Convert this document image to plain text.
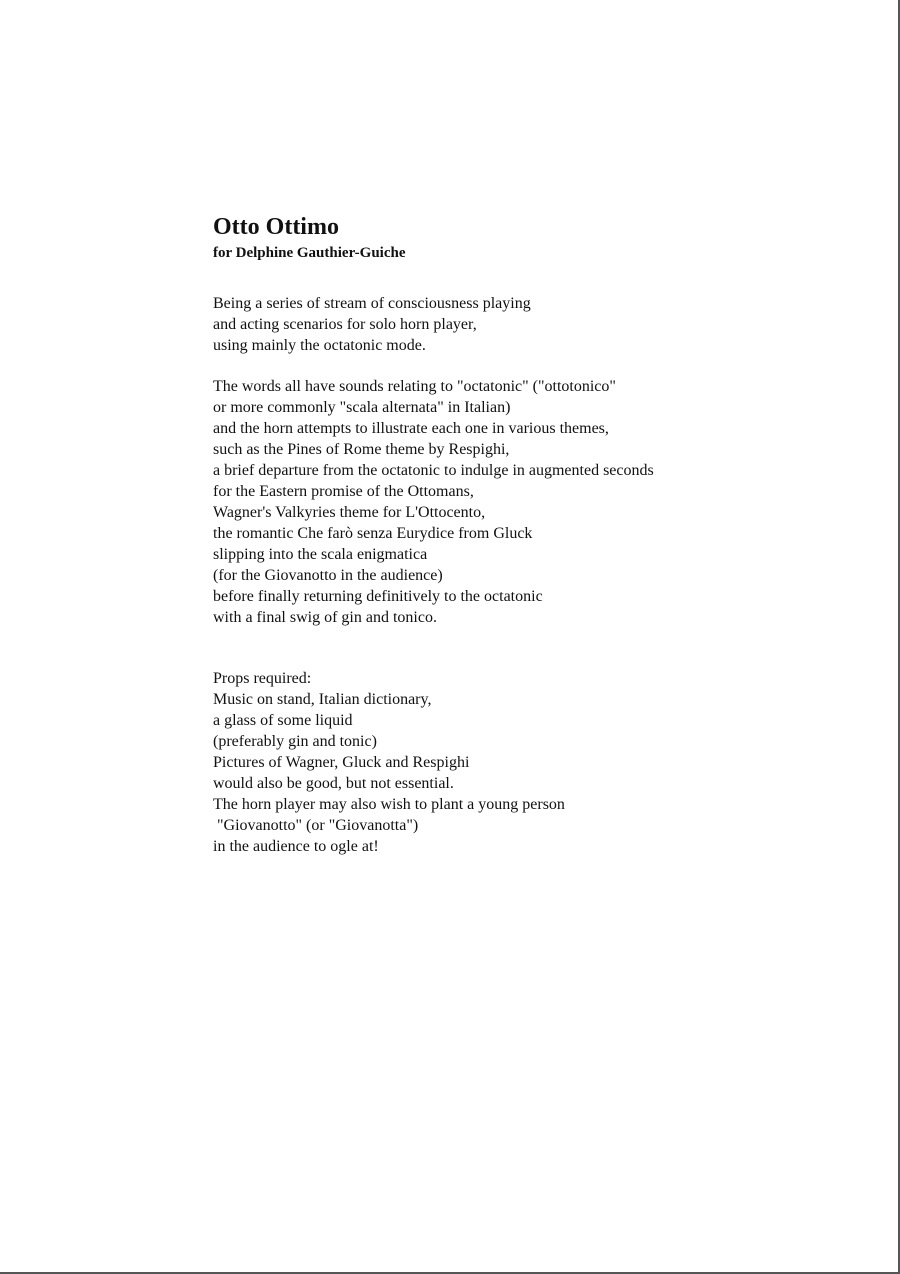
Otto Ottimo
for Delphine Gauthier-Guiche
Being a series of stream of consciousness playing
and acting scenarios for solo horn player,
using mainly the octatonic mode.
The words all have sounds relating to "octatonic" ("ottotonico"
or more commonly "scala alternata" in Italian)
and the horn attempts to illustrate each one in various themes,
such as the Pines of Rome theme by Respighi,
a brief departure from the octatonic to indulge in augmented seconds
for the Eastern promise of the Ottomans,
Wagner's Valkyries theme for L'Ottocento,
the romantic Che farò senza Eurydice from Gluck
slipping into the scala enigmatica
(for the Giovanotto in the audience)
before finally returning definitively to the octatonic
with a final swig of gin and tonico.
Props required:
Music on stand, Italian dictionary,
a glass of some liquid
(preferably gin and tonic)
Pictures of Wagner, Gluck and Respighi
would also be good, but not essential.
The horn player may also wish to plant a young person
"Giovanotto" (or "Giovanotta")
in the audience to ogle at!
